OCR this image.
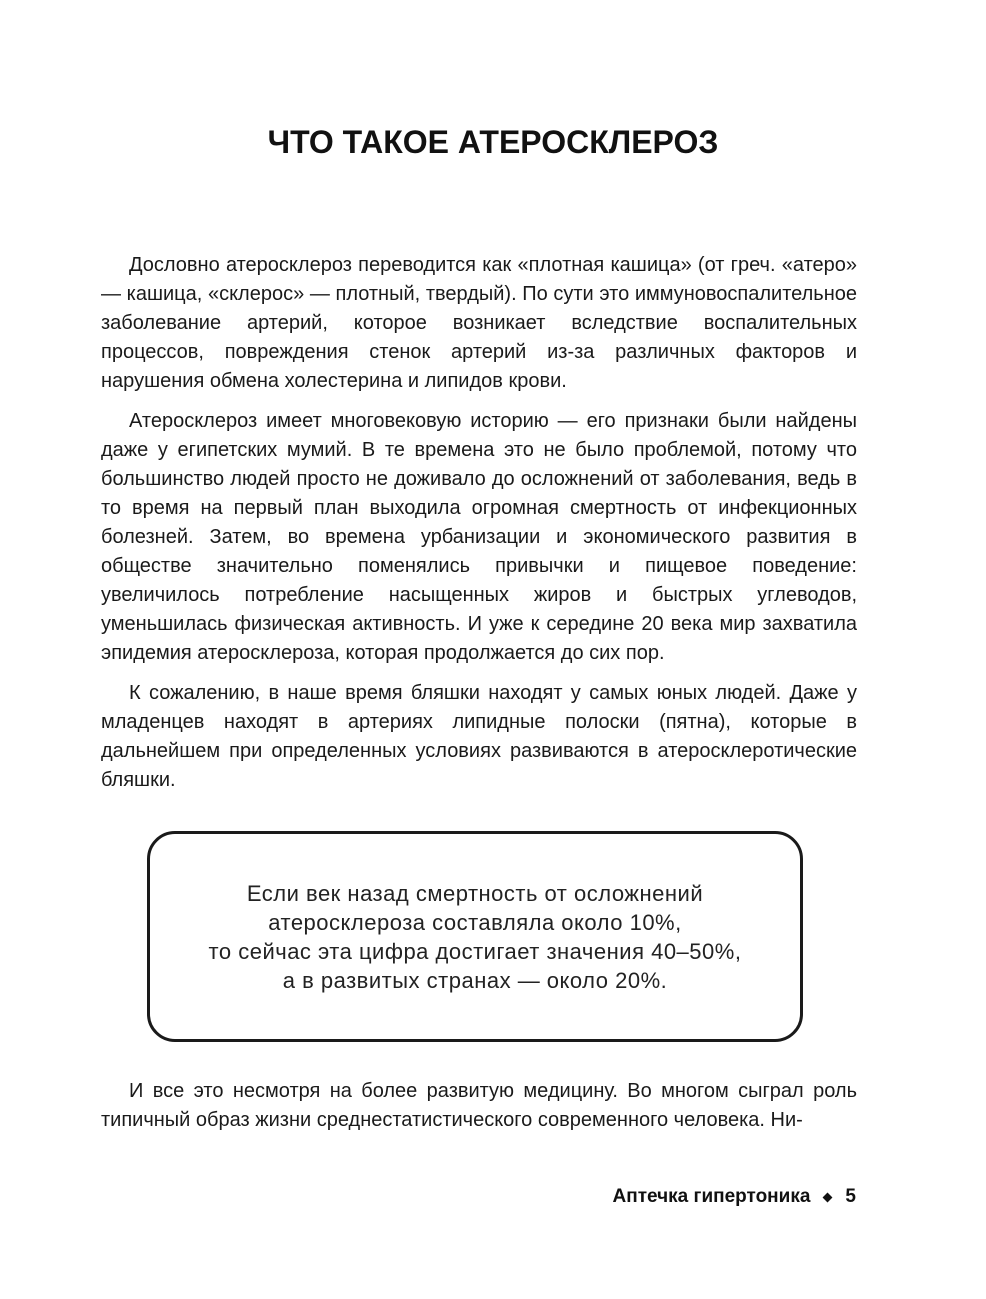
ЧТО ТАКОЕ АТЕРОСКЛЕРОЗ

Дословно атеросклероз переводится как «плотная кашица» (от греч. «атеро» — кашица, «склерос» — плотный, твердый). По сути это иммуновоспалительное заболевание артерий, которое возникает вследствие воспалительных процессов, повреждения стенок артерий из-за различных факторов и нарушения обмена холестерина и липидов крови.

Атеросклероз имеет многовековую историю — его признаки были найдены даже у египетских мумий. В те времена это не было проблемой, потому что большинство людей просто не доживало до осложнений от заболевания, ведь в то время на первый план выходила огромная смертность от инфекционных болезней. Затем, во времена урбанизации и экономического развития в обществе значительно поменялись привычки и пищевое поведение: увеличилось потребление насыщенных жиров и быстрых углеводов, уменьшилась физическая активность. И уже к середине 20 века мир захватила эпидемия атеросклероза, которая продолжается до сих пор.

К сожалению, в наше время бляшки находят у самых юных людей. Даже у младенцев находят в артериях липидные полоски (пятна), которые в дальнейшем при определенных условиях развиваются в атеросклеротические бляшки.

Если век назад смертность от осложнений
атеросклероза составляла около 10%,
то сейчас эта цифра достигает значения 40–50%,
а в развитых странах — около 20%.

И все это несмотря на более развитую медицину. Во многом сыграл роль типичный образ жизни среднестатистического современного человека. Ни-

Аптечка гипертоника 5
